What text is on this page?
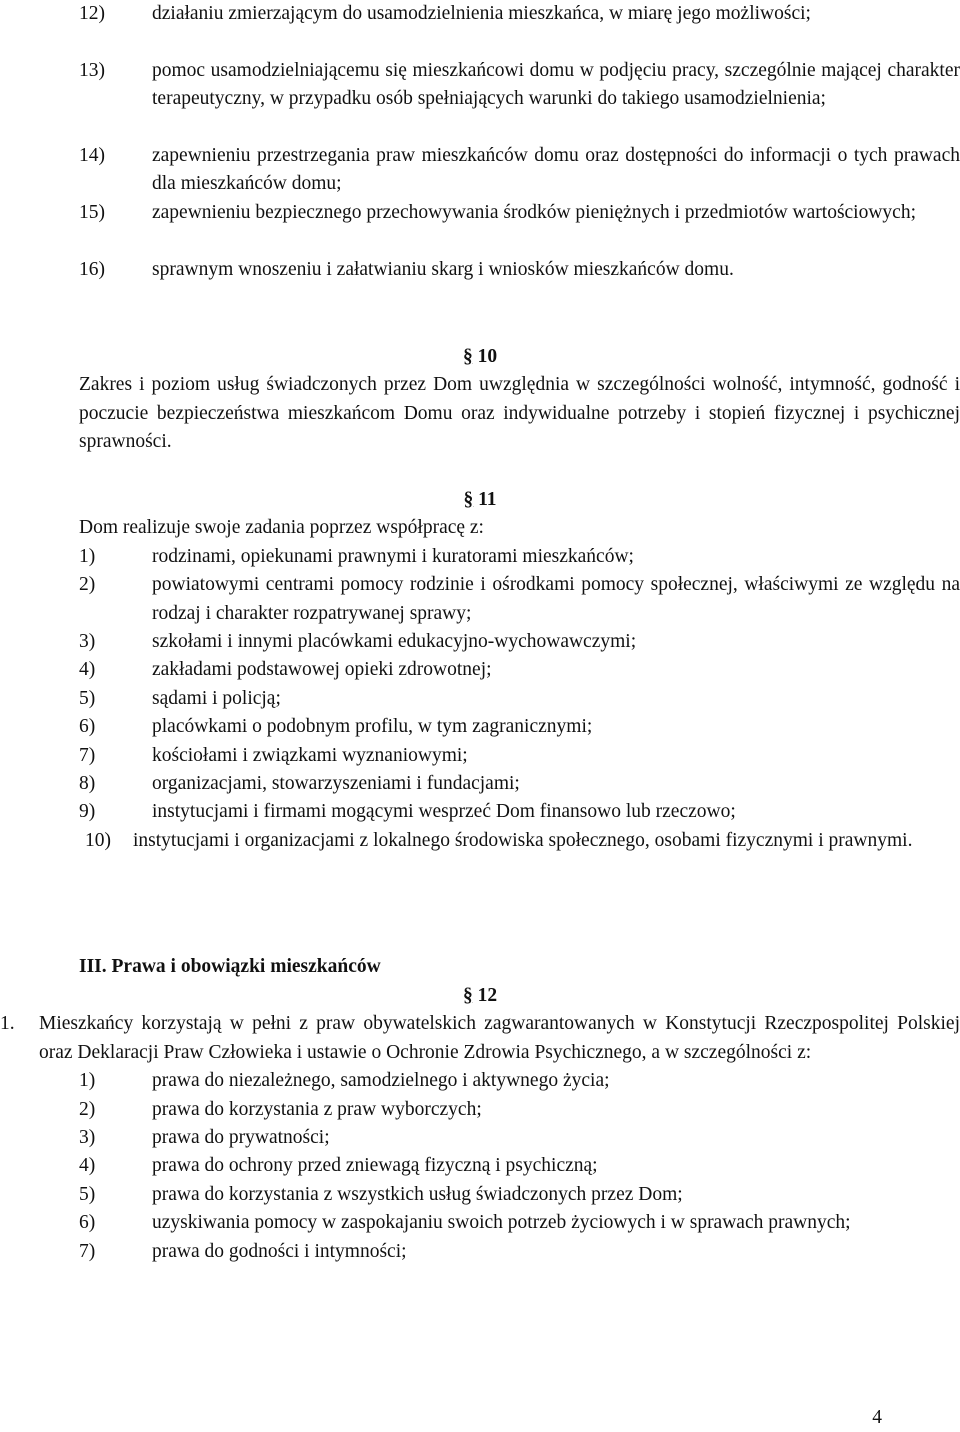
12) działaniu zmierzającym do usamodzielnienia mieszkańca, w miarę jego możliwości;
13) pomoc usamodzielniającemu się mieszkańcowi domu w podjęciu pracy, szczególnie mającej charakter terapeutyczny, w przypadku osób spełniających warunki do takiego usamodzielnienia;
14) zapewnieniu przestrzegania praw mieszkańców domu oraz dostępności do informacji o tych prawach dla mieszkańców domu;
15) zapewnieniu bezpiecznego przechowywania środków pieniężnych i przedmiotów wartościowych;
16) sprawnym wnoszeniu i załatwianiu skarg i wniosków mieszkańców domu.
§ 10

Zakres i poziom usług świadczonych przez Dom uwzględnia w szczególności wolność, intymność, godność i poczucie bezpieczeństwa mieszkańcom Domu oraz indywidualne potrzeby i stopień fizycznej i psychicznej sprawności.

§ 11

Dom realizuje swoje zadania poprzez współpracę z:

1)	rodzinami, opiekunami prawnymi i kuratorami mieszkańców;
2)	powiatowymi centrami pomocy rodzinie i ośrodkami pomocy społecznej, właściwymi ze względu na rodzaj i charakter rozpatrywanej sprawy;
3)	szkołami i innymi placówkami edukacyjno-wychowawczymi;
4)	zakładami podstawowej opieki zdrowotnej;
5)	sądami i policją;
6)	placówkami o podobnym profilu, w tym zagranicznymi;
7)	kościołami i związkami wyznaniowymi;
8)	organizacjami, stowarzyszeniami i fundacjami;
9)	instytucjami i firmami mogącymi wesprzeć Dom finansowo lub rzeczowo;
10) instytucjami i organizacjami z lokalnego środowiska społecznego, osobami fizycznymi i prawnymi.
III. Prawa i obowiązki mieszkańców
§ 12
1. Mieszkańcy korzystają w pełni z praw obywatelskich zagwarantowanych w Konstytucji Rzeczpospolitej Polskiej oraz Deklaracji Praw Człowieka i ustawie o Ochronie Zdrowia Psychicznego, a w szczególności z:
1)	prawa do niezależnego, samodzielnego i aktywnego życia;
2)	prawa do korzystania z praw wyborczych;
3)	prawa do prywatności;
4)	prawa do ochrony przed zniewagą fizyczną i psychiczną;
5)	prawa do korzystania z wszystkich usług świadczonych przez Dom;
6)	uzyskiwania pomocy w zaspokajaniu swoich potrzeb życiowych i w sprawach prawnych;
7)	prawa do godności i intymności;
4
